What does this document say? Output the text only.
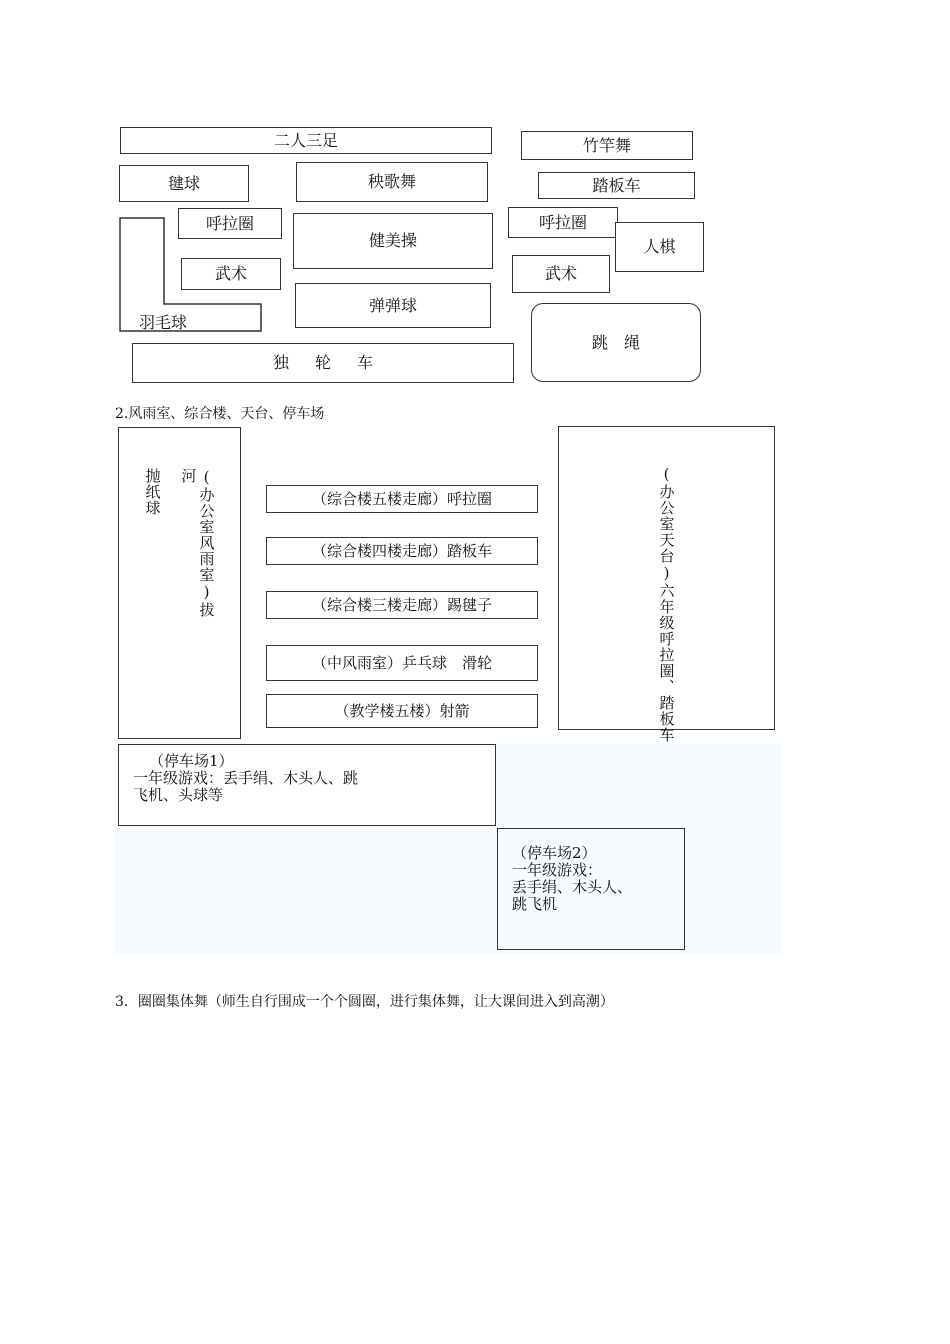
二人三足	竹竿舞
毽球	秧歌舞	踏板车
羽毛球
呼拉圈
健美操
呼拉圈
人棋
武术	武术
弹弹球
跳　绳
独轮车
2.风雨室、综合楼、天台、停车场
(办公室风雨室)拔
河

抛纸球	(办公室天台)六年级呼拉圈、踏板车
（综合楼五楼走廊）呼拉圈
（综合楼四楼走廊）踏板车
（综合楼三楼走廊）踢毽子
（中风雨室）乒乓球　滑轮
（教学楼五楼）射箭
（停车场1）
一年级游戏：丢手绢、木头人、跳
飞机、头球等
（停车场2）
一年级游戏：
丢手绢、木头人、
跳飞机
3．圈圈集体舞（师生自行围成一个个圆圈，进行集体舞，让大课间进入到高潮）
